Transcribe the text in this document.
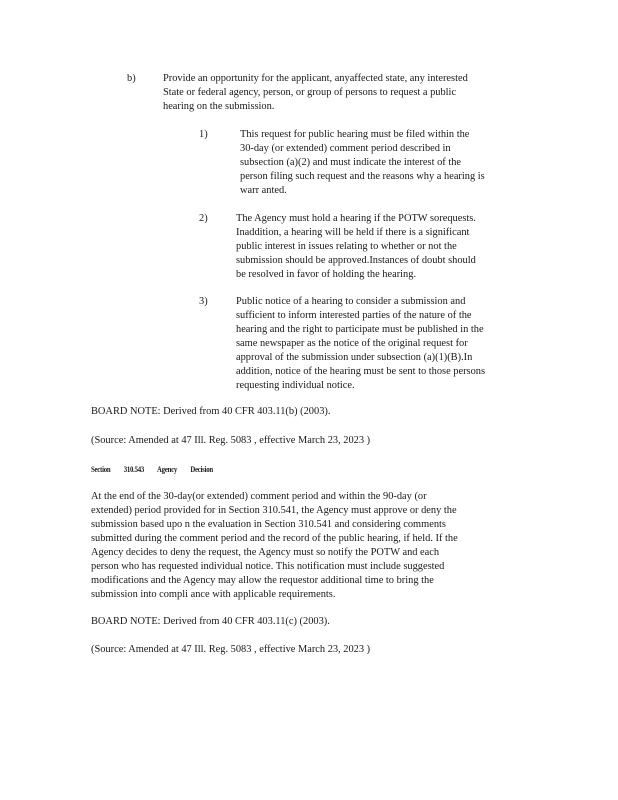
b)	Provide an opportunity for the applicant, anyaffected state, any interested
State or federal agency, person, or group of persons to request a public
hearing on the submission.
1)	This request for public hearing must be filed within the
30-day (or extended) comment period described in
subsection (a)(2) and must indicate the interest of the
person filing such request and the reasons why a hearing is
warr anted.
2)	The Agency must hold a hearing if the POTW sorequests.
Inaddition, a hearing will be held if there is a significant
public interest in issues relating to whether or not the
submission should be approved.Instances of doubt should
be resolved in favor of holding the hearing.
3)	Public notice of a hearing to consider a submission and
sufficient to inform interested parties of the nature of the
hearing and the right to participate must be published in the
same newspaper as the notice of the original request for
approval of the submission under subsection (a)(1)(B).In
addition, notice of the hearing must be sent to those persons
requesting individual notice.
BOARD NOTE: Derived from 40 CFR 403.11(b) (2003).
(Source: Amended at 47 Ill. Reg. 5083 , effective March 23, 2023 )
Section 310.543 Agency Decision
At the end of the 30-day(or extended) comment period and within the 90-day (or
extended) period provided for in Section 310.541, the Agency must approve or deny the
submission based upo n the evaluation in Section 310.541 and considering comments
submitted during the comment period and the record of the public hearing, if held. If the
Agency decides to deny the request, the Agency must so notify the POTW and each
person who has requested individual notice. This notification must include suggested
modifications and the Agency may allow the requestor additional time to bring the
submission into compli ance with applicable requirements.
BOARD NOTE: Derived from 40 CFR 403.11(c) (2003).
(Source: Amended at 47 Ill. Reg. 5083 , effective March 23, 2023 )
